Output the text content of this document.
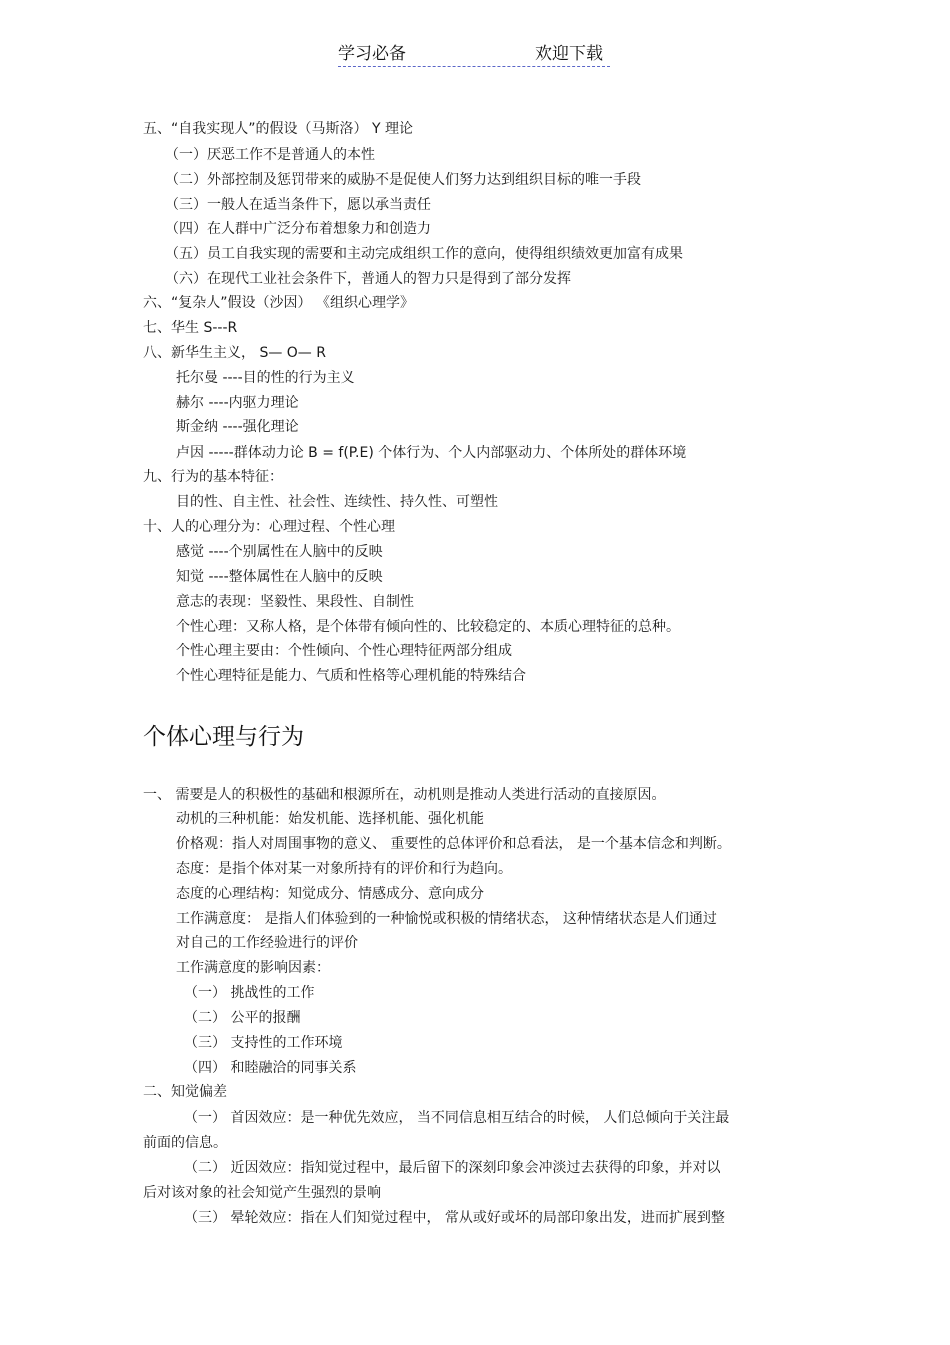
学习必备	欢迎下载
五、“自我实现人”的假设（马斯洛） Y 理论
（一）厌恶工作不是普通人的本性
（二）外部控制及惩罚带来的威胁不是促使人们努力达到组织目标的唯一手段
（三）一般人在适当条件下，愿以承当责任
（四）在人群中广泛分布着想象力和创造力
（五）员工自我实现的需要和主动完成组织工作的意向，使得组织绩效更加富有成果
（六）在现代工业社会条件下，普通人的智力只是得到了部分发挥
六、“复杂人”假设（沙因） 《组织心理学》
七、华生 S---R
八、新华生主义， S— O— R
托尔曼 ----目的性的行为主义
赫尔 ----内驱力理论
斯金纳 ----强化理论
卢因 -----群体动力论 B = f(P.E) 个体行为、个人内部驱动力、个体所处的群体环境
九、行为的基本特征：
目的性、自主性、社会性、连续性、持久性、可塑性
十、人的心理分为：心理过程、个性心理
感觉 ----个别属性在人脑中的反映
知觉 ----整体属性在人脑中的反映
意志的表现：坚毅性、果段性、自制性
个性心理：又称人格，是个体带有倾向性的、比较稳定的、本质心理特征的总种。
个性心理主要由：个性倾向、个性心理特征两部分组成
个性心理特征是能力、气质和性格等心理机能的特殊结合
个体心理与行为
一、 需要是人的积极性的基础和根源所在，动机则是推动人类进行活动的直接原因。
动机的三种机能：始发机能、选择机能、强化机能
价格观：指人对周围事物的意义、 重要性的总体评价和总看法， 是一个基本信念和判断。
态度：是指个体对某一对象所持有的评价和行为趋向。
态度的心理结构：知觉成分、情感成分、意向成分
工作满意度： 是指人们体验到的一种愉悦或积极的情绪状态， 这种情绪状态是人们通过
对自己的工作经验进行的评价
工作满意度的影响因素：
（一） 挑战性的工作
（二） 公平的报酬
（三） 支持性的工作环境
（四） 和睦融洽的同事关系
二、知觉偏差
（一） 首因效应：是一种优先效应， 当不同信息相互结合的时候， 人们总倾向于关注最
前面的信息。
（二） 近因效应：指知觉过程中，最后留下的深刻印象会冲淡过去获得的印象，并对以
后对该对象的社会知觉产生强烈的景响
（三） 晕轮效应：指在人们知觉过程中， 常从或好或坏的局部印象出发，进而扩展到整
